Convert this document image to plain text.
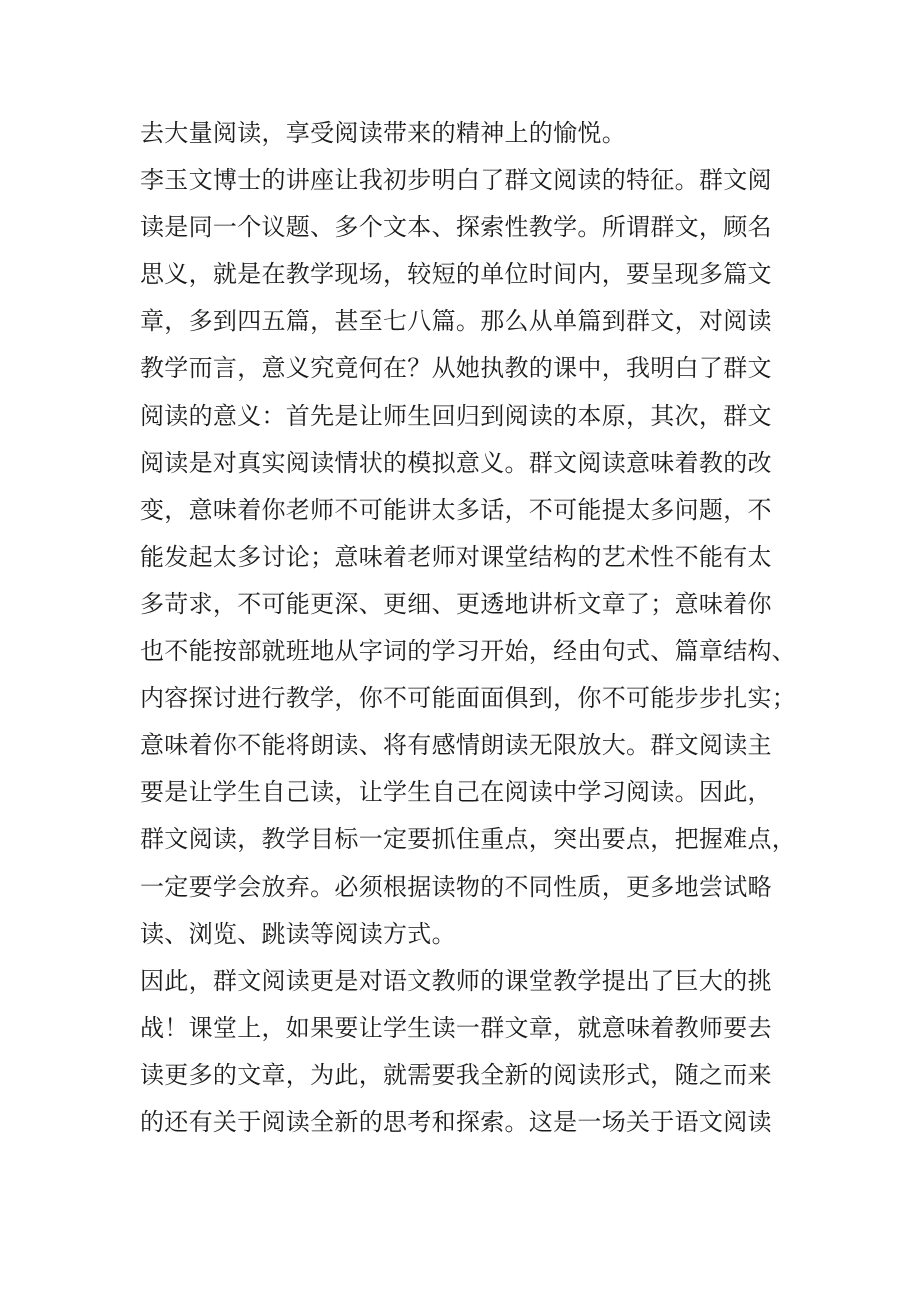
去大量阅读，享受阅读带来的精神上的愉悦。
李玉文博士的讲座让我初步明白了群文阅读的特征。群文阅
读是同一个议题、多个文本、探索性教学。所谓群文，顾名
思义，就是在教学现场，较短的单位时间内，要呈现多篇文
章，多到四五篇，甚至七八篇。那么从单篇到群文，对阅读
教学而言，意义究竟何在？从她执教的课中，我明白了群文
阅读的意义：首先是让师生回归到阅读的本原，其次，群文
阅读是对真实阅读情状的模拟意义。群文阅读意味着教的改
变，意味着你老师不可能讲太多话，不可能提太多问题，不
能发起太多讨论；意味着老师对课堂结构的艺术性不能有太
多苛求，不可能更深、更细、更透地讲析文章了；意味着你
也不能按部就班地从字词的学习开始，经由句式、篇章结构、
内容探讨进行教学，你不可能面面俱到，你不可能步步扎实；
意味着你不能将朗读、将有感情朗读无限放大。群文阅读主
要是让学生自己读，让学生自己在阅读中学习阅读。因此，
群文阅读，教学目标一定要抓住重点，突出要点，把握难点，
一定要学会放弃。必须根据读物的不同性质，更多地尝试略
读、浏览、跳读等阅读方式。
因此，群文阅读更是对语文教师的课堂教学提出了巨大的挑
战！课堂上，如果要让学生读一群文章，就意味着教师要去
读更多的文章，为此，就需要我全新的阅读形式，随之而来
的还有关于阅读全新的思考和探索。这是一场关于语文阅读
